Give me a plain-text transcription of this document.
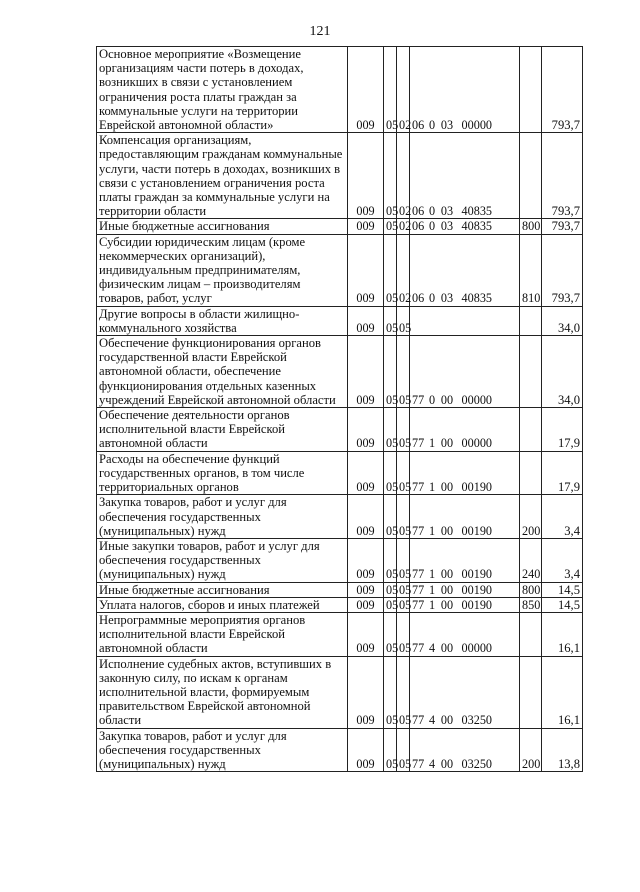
121
Основное мероприятие «Возмещение организациям части потерь в доходах, возникших в связи с установлением ограничения роста платы граждан за коммунальные услуги на территории Еврейской автономной области»	009	05	02	06 0 03 00000		793,7
Компенсация организациям, предоставляющим гражданам коммунальные услуги, части потерь в доходах, возникших в связи с установлением ограничения роста платы граждан за коммунальные услуги на территории области	009	05	02	06 0 03 40835		793,7
Иные бюджетные ассигнования	009	05	02	06 0 03 40835	800	793,7
Субсидии юридическим лицам (кроме некоммерческих организаций), индивидуальным предпринимателям, физическим лицам – производителям товаров, работ, услуг	009	05	02	06 0 03 40835	810	793,7
Другие вопросы в области жилищно-коммунального хозяйства	009	05	05			34,0
Обеспечение функционирования органов государственной власти Еврейской автономной области, обеспечение функционирования отдельных казенных учреждений Еврейской автономной области	009	05	05	77 0 00 00000		34,0
Обеспечение деятельности органов исполнительной власти Еврейской автономной области	009	05	05	77 1 00 00000		17,9
Расходы на обеспечение функций государственных органов, в том числе территориальных органов	009	05	05	77 1 00 00190		17,9
Закупка товаров, работ и услуг для обеспечения государственных (муниципальных) нужд	009	05	05	77 1 00 00190	200	3,4
Иные закупки товаров, работ и услуг для обеспечения государственных (муниципальных) нужд	009	05	05	77 1 00 00190	240	3,4
Иные бюджетные ассигнования	009	05	05	77 1 00 00190	800	14,5
Уплата налогов, сборов и иных платежей	009	05	05	77 1 00 00190	850	14,5
Непрограммные мероприятия органов исполнительной власти Еврейской автономной области	009	05	05	77 4 00 00000		16,1
Исполнение судебных актов, вступивших в законную силу, по искам к органам исполнительной власти, формируемым правительством Еврейской автономной области	009	05	05	77 4 00 03250		16,1
Закупка товаров, работ и услуг для обеспечения государственных (муниципальных) нужд	009	05	05	77 4 00 03250	200	13,8
